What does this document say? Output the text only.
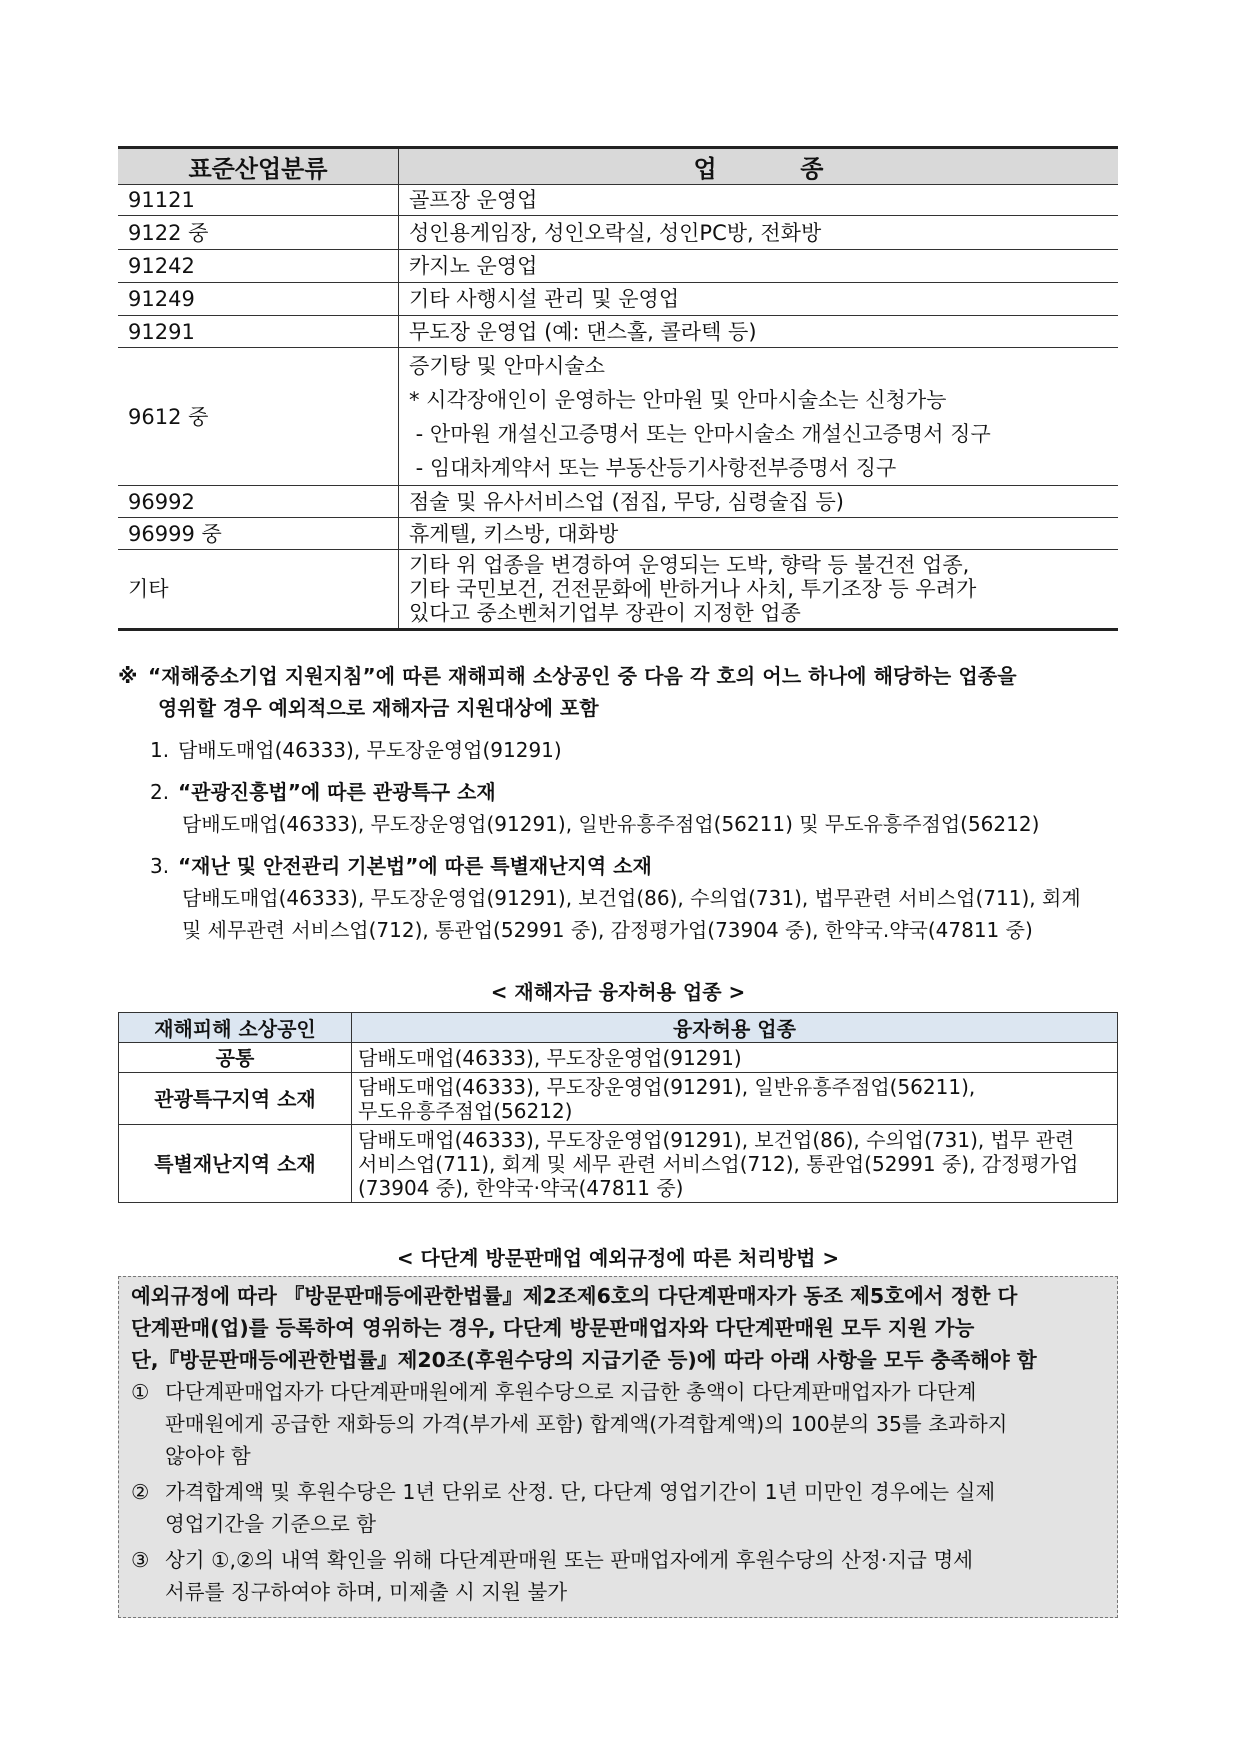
표준산업분류	업          종
91121	골프장 운영업
9122 중	성인용게임장, 성인오락실, 성인PC방, 전화방
91242	카지노 운영업
91249	기타 사행시설 관리 및 운영업
91291	무도장 운영업 (예: 댄스홀, 콜라텍 등)
9612 중	증기탕 및 안마시술소
* 시각장애인이 운영하는 안마원 및 안마시술소는 신청가능
- 안마원 개설신고증명서 또는 안마시술소 개설신고증명서 징구
- 임대차계약서 또는 부동산등기사항전부증명서 징구

96992	점술 및 유사서비스업 (점집, 무당, 심령술집 등)
96999 중	휴게텔, 키스방, 대화방
기타	기타 위 업종을 변경하여 운영되는 도박, 향락 등 불건전 업종,
기타 국민보건, 건전문화에 반하거나 사치, 투기조장 등 우려가
있다고 중소벤처기업부 장관이 지정한 업종
※ “재해중소기업 지원지침”에 따른 재해피해 소상공인 중 다음 각 호의 어느 하나에 해당하는 업종을
영위할 경우 예외적으로 재해자금 지원대상에 포함
1. 담배도매업(46333), 무도장운영업(91291)
2. “관광진흥법”에 따른 관광특구 소재
담배도매업(46333), 무도장운영업(91291), 일반유흥주점업(56211) 및 무도유흥주점업(56212)
3. “재난 및 안전관리 기본법”에 따른 특별재난지역 소재
담배도매업(46333), 무도장운영업(91291), 보건업(86), 수의업(731), 법무관련 서비스업(711), 회계
및 세무관련 서비스업(712), 통관업(52991 중), 감정평가업(73904 중), 한약국.약국(47811 중)
< 재해자금 융자허용 업종 >
재해피해 소상공인	융자허용 업종
공통	담배도매업(46333), 무도장운영업(91291)
관광특구지역 소재	담배도매업(46333), 무도장운영업(91291), 일반유흥주점업(56211),
무도유흥주점업(56212)

특별재난지역 소재	담배도매업(46333), 무도장운영업(91291), 보건업(86), 수의업(731), 법무 관련
서비스업(711), 회계 및 세무 관련 서비스업(712), 통관업(52991 중), 감정평가업
(73904 중), 한약국·약국(47811 중)
< 다단계 방문판매업 예외규정에 따른 처리방법 >
예외규정에 따라 『방문판매등에관한법률』제2조제6호의 다단계판매자가 동조 제5호에서 정한 다
단계판매(업)를 등록하여 영위하는 경우, 다단계 방문판매업자와 다단계판매원 모두 지원 가능
단,『방문판매등에관한법률』제20조(후원수당의 지급기준 등)에 따라 아래 사항을 모두 충족해야 함
① 다단계판매업자가 다단계판매원에게 후원수당으로 지급한 총액이 다단계판매업자가 다단계
판매원에게 공급한 재화등의 가격(부가세 포함) 합계액(가격합계액)의 100분의 35를 초과하지
않아야 함
② 가격합계액 및 후원수당은 1년 단위로 산정. 단, 다단계 영업기간이 1년 미만인 경우에는 실제
영업기간을 기준으로 함
③ 상기 ①,②의 내역 확인을 위해 다단계판매원 또는 판매업자에게 후원수당의 산정·지급 명세
서류를 징구하여야 하며, 미제출 시 지원 불가
